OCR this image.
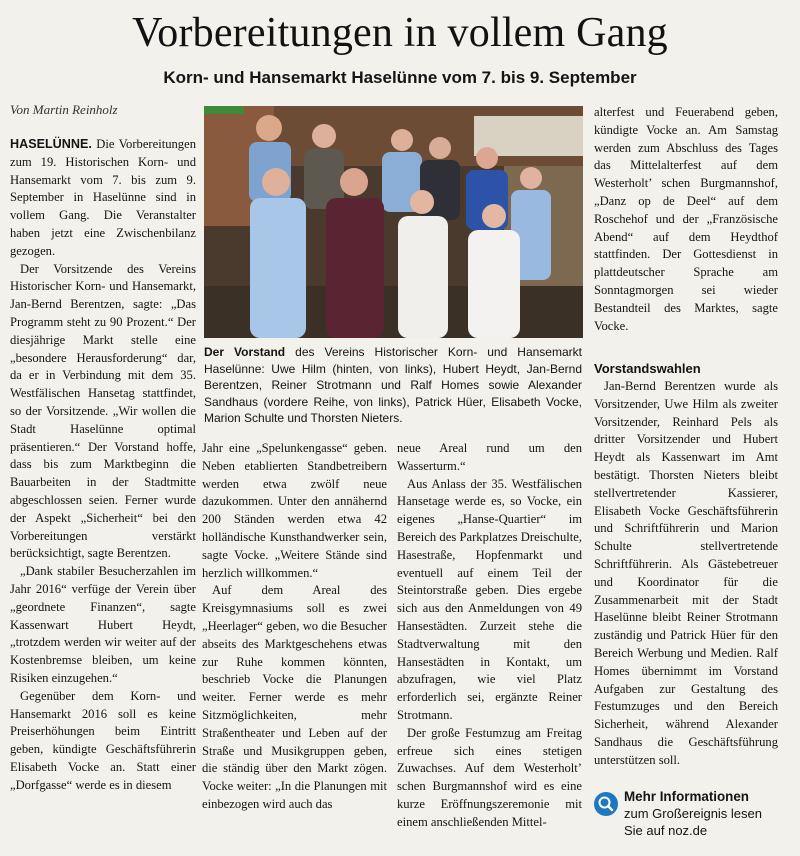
Vorbereitungen in vollem Gang
Korn- und Hansemarkt Haselünne vom 7. bis 9. September
Von Martin Reinholz

HASELÜNNE. Die Vorbereitungen zum 19. Historischen Korn- und Hansemarkt vom 7. bis zum 9. September in Haselünne sind in vollem Gang. Die Veranstalter haben jetzt eine Zwischenbilanz gezogen.

Der Vorsitzende des Vereins Historischer Korn- und Hansemarkt, Jan-Bernd Berentzen, sagte: „Das Programm steht zu 90 Prozent.“ Der diesjährige Markt stelle eine „besondere Herausforderung“ dar, da er in Verbindung mit dem 35. Westfälischen Hansetag stattfindet, so der Vorsitzende. „Wir wollen die Stadt Haselünne optimal präsentieren.“ Der Vorstand hoffe, dass bis zum Marktbeginn die Bauarbeiten in der Stadtmitte abgeschlossen seien. Ferner wurde der Aspekt „Sicherheit“ bei den Vorbereitungen verstärkt berücksichtigt, sagte Berentzen.

„Dank stabiler Besucherzahlen im Jahr 2016“ verfüge der Verein über „geordnete Finanzen“, sagte Kassenwart Hubert Heydt, „trotzdem werden wir weiter auf der Kostenbremse bleiben, um keine Risiken einzugehen.“

Gegenüber dem Korn- und Hansemarkt 2016 soll es keine Preiserhöhungen beim Eintritt geben, kündigte Geschäftsführerin Elisabeth Vocke an. Statt einer „Dorfgasse“ werde es in diesem

Der Vorstand des Vereins Historischer Korn- und Hansemarkt Haselünne: Uwe Hilm (hinten, von links), Hubert Heydt, Jan-Bernd Berentzen, Reiner Strotmann und Ralf Homes sowie Alexander Sandhaus (vordere Reihe, von links), Patrick Hüer, Elisabeth Vocke, Marion Schulte und Thorsten Nieters.

Jahr eine „Spelunkengasse“ geben. Neben etablierten Standbetreibern werden etwa zwölf neue dazukommen. Unter den annähernd 200 Ständen werden etwa 42 holländische Kunsthandwerker sein, sagte Vocke. „Weitere Stände sind herzlich willkommen.“

Auf dem Areal des Kreisgymnasiums soll es zwei „Heerlager“ geben, wo die Besucher abseits des Marktgeschehens etwas zur Ruhe kommen könnten, beschrieb Vocke die Planungen weiter. Ferner werde es mehr Sitzmöglichkeiten, mehr Straßentheater und Leben auf der Straße und Musikgruppen geben, die ständig über den Markt zögen. Vocke weiter: „In die Planungen mit einbezogen wird auch das

neue Areal rund um den Wasserturm.“

Aus Anlass der 35. Westfälischen Hansetage werde es, so Vocke, ein eigenes „Hanse-Quartier“ im Bereich des Parkplatzes Dreischulte, Hasestraße, Hopfenmarkt und eventuell auf einem Teil der Steintorstraße geben. Dies ergebe sich aus den Anmeldungen von 49 Hansestädten. Zurzeit stehe die Stadtverwaltung mit den Hansestädten in Kontakt, um abzufragen, wie viel Platz erforderlich sei, ergänzte Reiner Strotmann.

Der große Festumzug am Freitag erfreue sich eines stetigen Zuwachses. Auf dem Westerholt’ schen Burgmannshof wird es eine kurze Eröffnungszeremonie mit einem anschließenden Mittel-

alterfest und Feuerabend geben, kündigte Vocke an. Am Samstag werden zum Abschluss des Tages das Mittelalterfest auf dem Westerholt’ schen Burgmannshof, „Danz op de Deel“ auf dem Roschehof und der „Französische Abend“ auf dem Heydthof stattfinden. Der Gottesdienst in plattdeutscher Sprache am Sonntagmorgen sei wieder Bestandteil des Marktes, sagte Vocke.

Vorstandswahlen

Jan-Bernd Berentzen wurde als Vorsitzender, Uwe Hilm als zweiter Vorsitzender, Reinhard Pels als dritter Vorsitzender und Hubert Heydt als Kassenwart im Amt bestätigt. Thorsten Nieters bleibt stellvertretender Kassierer, Elisabeth Vocke Geschäftsführerin und Schriftführerin und Marion Schulte stellvertretende Schriftführerin. Als Gästebetreuer und Koordinator für die Zusammenarbeit mit der Stadt Haselünne bleibt Reiner Strotmann zuständig und Patrick Hüer für den Bereich Werbung und Medien. Ralf Homes übernimmt im Vorstand Aufgaben zur Gestaltung des Festumzuges und den Bereich Sicherheit, während Alexander Sandhaus die Geschäftsführung unterstützen soll.

Mehr Informationen
zum Großereignis lesen
Sie auf noz.de
